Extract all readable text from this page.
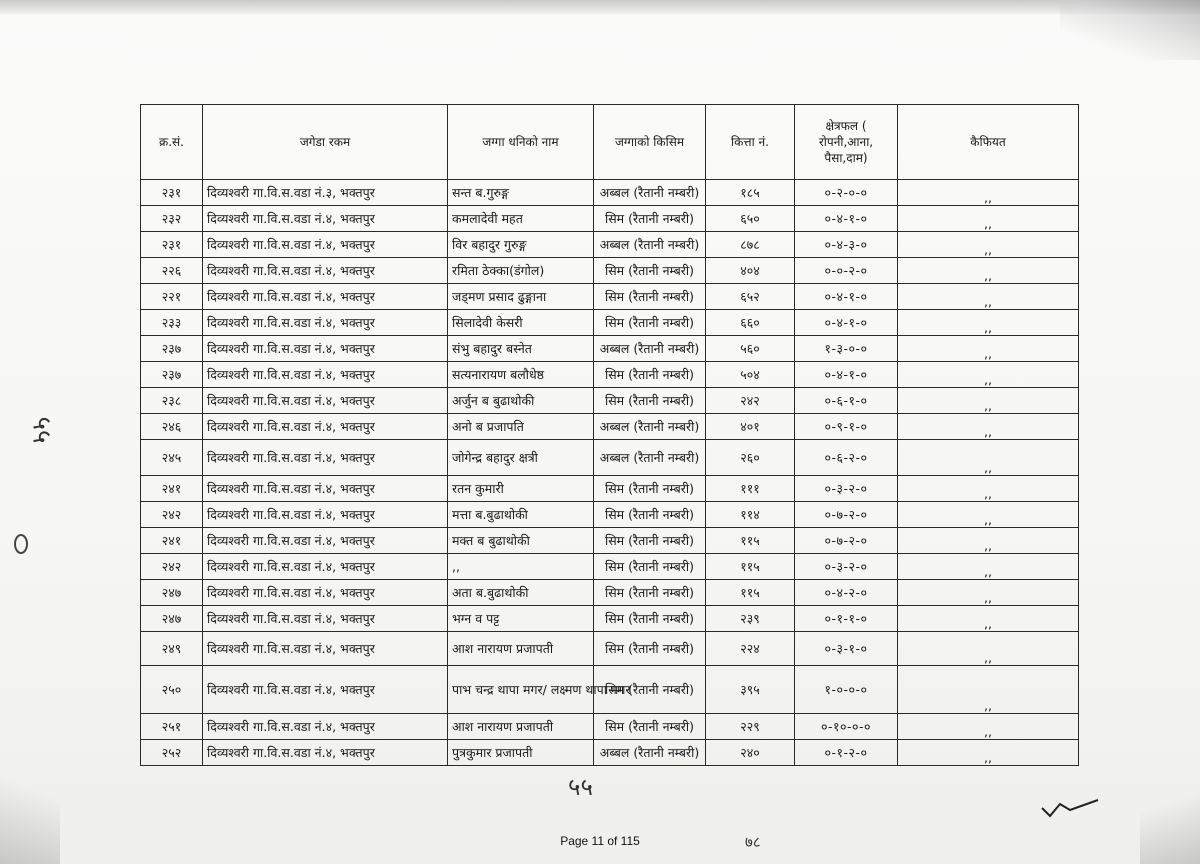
क्र.सं.	जगेडा रकम	जग्गा धनिको नाम	जग्गाको किसिम	कित्ता नं.	क्षेत्रफल ( रोपनी,आना, पैसा,दाम)	कैफियत
२३१	दिव्यश्वरी गा.वि.स.वडा नं.३, भक्तपुर	सन्त ब.गुरुङ्ग	अब्बल (रैतानी नम्बरी)	१८५	०-२-०-०	,,
२३२	दिव्यश्वरी गा.वि.स.वडा नं.४, भक्तपुर	कमलादेवी महत	सिम (रैतानी नम्बरी)	६५०	०-४-१-०	,,
२३१	दिव्यश्वरी गा.वि.स.वडा नं.४, भक्तपुर	विर बहादुर गुरुङ्ग	अब्बल (रैतानी नम्बरी)	८७८	०-४-३-०	,,
२२६	दिव्यश्वरी गा.वि.स.वडा नं.४, भक्तपुर	रमिता ठेक्का(डंगोल)	सिम (रैतानी नम्बरी)	४०४	०-०-२-०	,,
२२१	दिव्यश्वरी गा.वि.स.वडा नं.४, भक्तपुर	जड्मण प्रसाद ढुङ्गाना	सिम (रैतानी नम्बरी)	६५२	०-४-१-०	,,
२३३	दिव्यश्वरी गा.वि.स.वडा नं.४, भक्तपुर	सिलादेवी केसरी	सिम (रैतानी नम्बरी)	६६०	०-४-१-०	,,
२३७	दिव्यश्वरी गा.वि.स.वडा नं.४, भक्तपुर	संभु बहादुर बस्नेत	अब्बल (रैतानी नम्बरी)	५६०	१-३-०-०	,,
२३७	दिव्यश्वरी गा.वि.स.वडा नं.४, भक्तपुर	सत्यनारायण बलौधेष्ठ	सिम (रैतानी नम्बरी)	५०४	०-४-१-०	,,
२३८	दिव्यश्वरी गा.वि.स.वडा नं.४, भक्तपुर	अर्जुन ब बुढाथोकी	सिम (रैतानी नम्बरी)	२४२	०-६-१-०	,,
२४६	दिव्यश्वरी गा.वि.स.वडा नं.४, भक्तपुर	अनो ब प्रजापति	अब्बल (रैतानी नम्बरी)	४०१	०-९-१-०	,,
२४५	दिव्यश्वरी गा.वि.स.वडा नं.४, भक्तपुर	जोगेन्द्र बहादुर क्षत्री	अब्बल (रैतानी नम्बरी)	२६०	०-६-२-०	,,
२४१	दिव्यश्वरी गा.वि.स.वडा नं.४, भक्तपुर	रतन कुमारी	सिम (रैतानी नम्बरी)	१११	०-३-२-०	,,
२४२	दिव्यश्वरी गा.वि.स.वडा नं.४, भक्तपुर	मत्ता ब.बुढाथोकी	सिम (रैतानी नम्बरी)	११४	०-७-२-०	,,
२४१	दिव्यश्वरी गा.वि.स.वडा नं.४, भक्तपुर	मक्त ब बुढाथोकी	सिम (रैतानी नम्बरी)	११५	०-७-२-०	,,
२४२	दिव्यश्वरी गा.वि.स.वडा नं.४, भक्तपुर	,,	सिम (रैतानी नम्बरी)	११५	०-३-२-०	,,
२४७	दिव्यश्वरी गा.वि.स.वडा नं.४, भक्तपुर	अता ब.बुढाथोकी	सिम (रैतानी नम्बरी)	११५	०-४-२-०	,,
२४७	दिव्यश्वरी गा.वि.स.वडा नं.४, भक्तपुर	भग्न व पट्ट	सिम (रैतानी नम्बरी)	२३९	०-१-१-०	,,
२४९	दिव्यश्वरी गा.वि.स.वडा नं.४, भक्तपुर	आश नारायण प्रजापती	सिम (रैतानी नम्बरी)	२२४	०-३-१-०	,,
२५०	दिव्यश्वरी गा.वि.स.वडा नं.४, भक्तपुर	पाभ चन्द्र थापा मगर/ लक्ष्मण थापा मगर	सिम (रैतानी नम्बरी)	३९५	१-०-०-०	,,
२५१	दिव्यश्वरी गा.वि.स.वडा नं.४, भक्तपुर	आश नारायण प्रजापती	सिम (रैतानी नम्बरी)	२२९	०-१०-०-०	,,
२५२	दिव्यश्वरी गा.वि.स.वडा नं.४, भक्तपुर	पुत्रकुमार प्रजापती	अब्बल (रैतानी नम्बरी)	२४०	०-१-२-०	,,
५५
५५
७८
Page 11 of 115
